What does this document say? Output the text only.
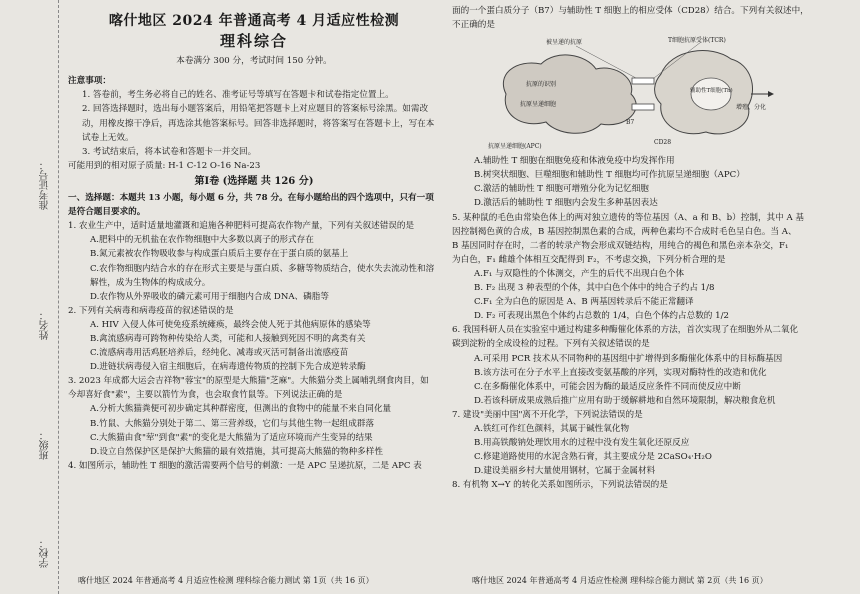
准考证号：
姓名：
班级：
学校：
喀什地区 2024 年普通高考 4 月适应性检测
理科综合
本卷满分 300 分，考试时间 150 分钟。

注意事项：

1. 答卷前，考生务必将自己的姓名、准考证号等填写在答题卡和试卷指定位置上。

2. 回答选择题时，选出每小题答案后，用铅笔把答题卡上对应题目的答案标号涂黑。如需改

动，用橡皮擦干净后，再选涂其他答案标号。回答非选择题时，将答案写在答题卡上，写在本

试卷上无效。

3. 考试结束后，将本试卷和答题卡一并交回。

可能用到的相对原子质量: H-1 C-12 O-16 Na-23

第Ⅰ卷 (选择题 共 126 分)

一、选择题：本题共 13 小题，每小题 6 分，共 78 分。在每小题给出的四个选项中，只有一项

是符合题目要求的。

1. 农业生产中，适时适量地灌溉和追施各种肥料可提高农作物产量，下列有关叙述错误的是

A.肥料中的无机盐在农作物细胞中大多数以离子的形式存在

B.氮元素被农作物吸收参与构成蛋白质后主要存在于蛋白质的氨基上

C.农作物细胞内结合水的存在形式主要是与蛋白质、多糖等物质结合，使水失去流动性和溶

解性，成为生物体的构成成分。

D.农作物从外界吸收的磷元素可用于细胞内合成 DNA、磷脂等

2. 下列有关病毒和病毒疫苗的叙述错误的是

A. HIV 入侵人体可使免疫系统瘫痪，最终会使人死于其他病原体的感染等

B.禽流感病毒可跨物种传染给人类，可能和人接触到死因不明的禽类有关

C.流感病毒用活鸡胚培养后，经纯化、减毒或灭活可制备出流感疫苗

D.进链状病毒侵入宿主细胞后，在病毒遗传物质的控制下先合成逆转录酶

3. 2023 年成都大运会吉祥物"蓉宝"的原型是大熊猫"芝麻"。大熊猫分类上属哺乳纲食肉目，如

今却喜好食"素"，主要以箭竹为食，也会取食竹鼠等。下列说法正确的是

A.分析大熊猫粪便可初步确定其种群密度，但测出的食物中的能量不来自同化量

B.竹鼠、大熊猫分别处于第二、第三营养级，它们与其他生物一起组成群落

C.大熊猫由食"荤"到食"素"的变化是大熊猫为了适应环境而产生变异的结果

D.设立自然保护区是保护大熊猫的最有效措施，其可提高大熊猫的物种多样性

4. 如图所示，辅助性 T 细胞的激活需要两个信号的刺激：一是 APC 呈递抗原，二是 APC 表

喀什地区 2024 年普通高考 4 月适应性检测 理科综合能力测试 第 1页（共 16 页）

面的一个蛋白质分子（B7）与辅助性 T 细胞上的相应受体（CD28）结合。下列有关叙述中，

不正确的是

被呈递的抗原	T细胞抗原受体(TCR)
抗原的识别
抗原呈递细胞
辅助性T细胞(Th)
抗原呈递细胞(APC)
B7
CD28
增殖、分化

A.辅助性 T 细胞在细胞免疫和体液免疫中均发挥作用

B.树突状细胞、巨噬细胞和辅助性 T 细胞均可作抗原呈递细胞（APC）

C.激活的辅助性 T 细胞可增殖分化为记忆细胞

D.激活后的辅助性 T 细胞内会发生多种基因表达

5. 某种鼠的毛色由常染色体上的两对独立遗传的等位基因（A、a 和 B、b）控制，其中 A 基

因控制褐色黄的合成，B 基因控制黑色素的合成，两种色素均不合成时毛色呈白色。当 A、

B 基因同时存在时，二者的转录产物会形成双链结构，用纯合的褐色和黑色亲本杂交，F₁

为白色，F₁ 雌雄个体相互交配得到 F₂，不考虑交换，下列分析合理的是

A.F₁ 与双隐性的个体测交，产生的后代不出现白色个体

B. F₂ 出现 3 种表型的个体，其中白色个体中的纯合子约占 1/8

C.F₁ 全为白色的原因是 A、B 两基因转录后不能正常翻译

D. F₂ 可表现出黑色个体约占总数的 1/4，白色个体约占总数的 1/2

6. 我国科研人员在实验室中通过构建多种酶催化体系的方法，首次实现了在细胞外从二氧化

碳到淀粉的全成设检的过程。下列有关叙述错误的是

A.可采用 PCR 技术从不同物种的基因组中扩增得到多酶催化体系中的目标酶基因

B.该方法可在分子水平上直接改变氨基酸的序列，实现对酶特性的改造和优化

C.在多酶催化体系中，可能会因为酶的最适反应条件不同而使反应中断

D.若该科研成果成熟后推广应用有助于缓解耕地和自然环境限制，解决粮食危机

7. 建设"美丽中国"离不开化学，下列说法错误的是

A.铁红可作红色颜料，其属于碱性氧化物

B.用高铁酸钠处理饮用水的过程中没有发生氧化还原反应

C.修建道路使用的水泥含熟石膏，其主要成分是 2CaSO₄·H₂O

D.建设美丽乡村大量使用钢材，它属于金属材料

8. 有机物 X→Y 的转化关系如图所示，下列说法错误的是

喀什地区 2024 年普通高考 4 月适应性检测 理科综合能力测试 第 2页（共 16 页）
